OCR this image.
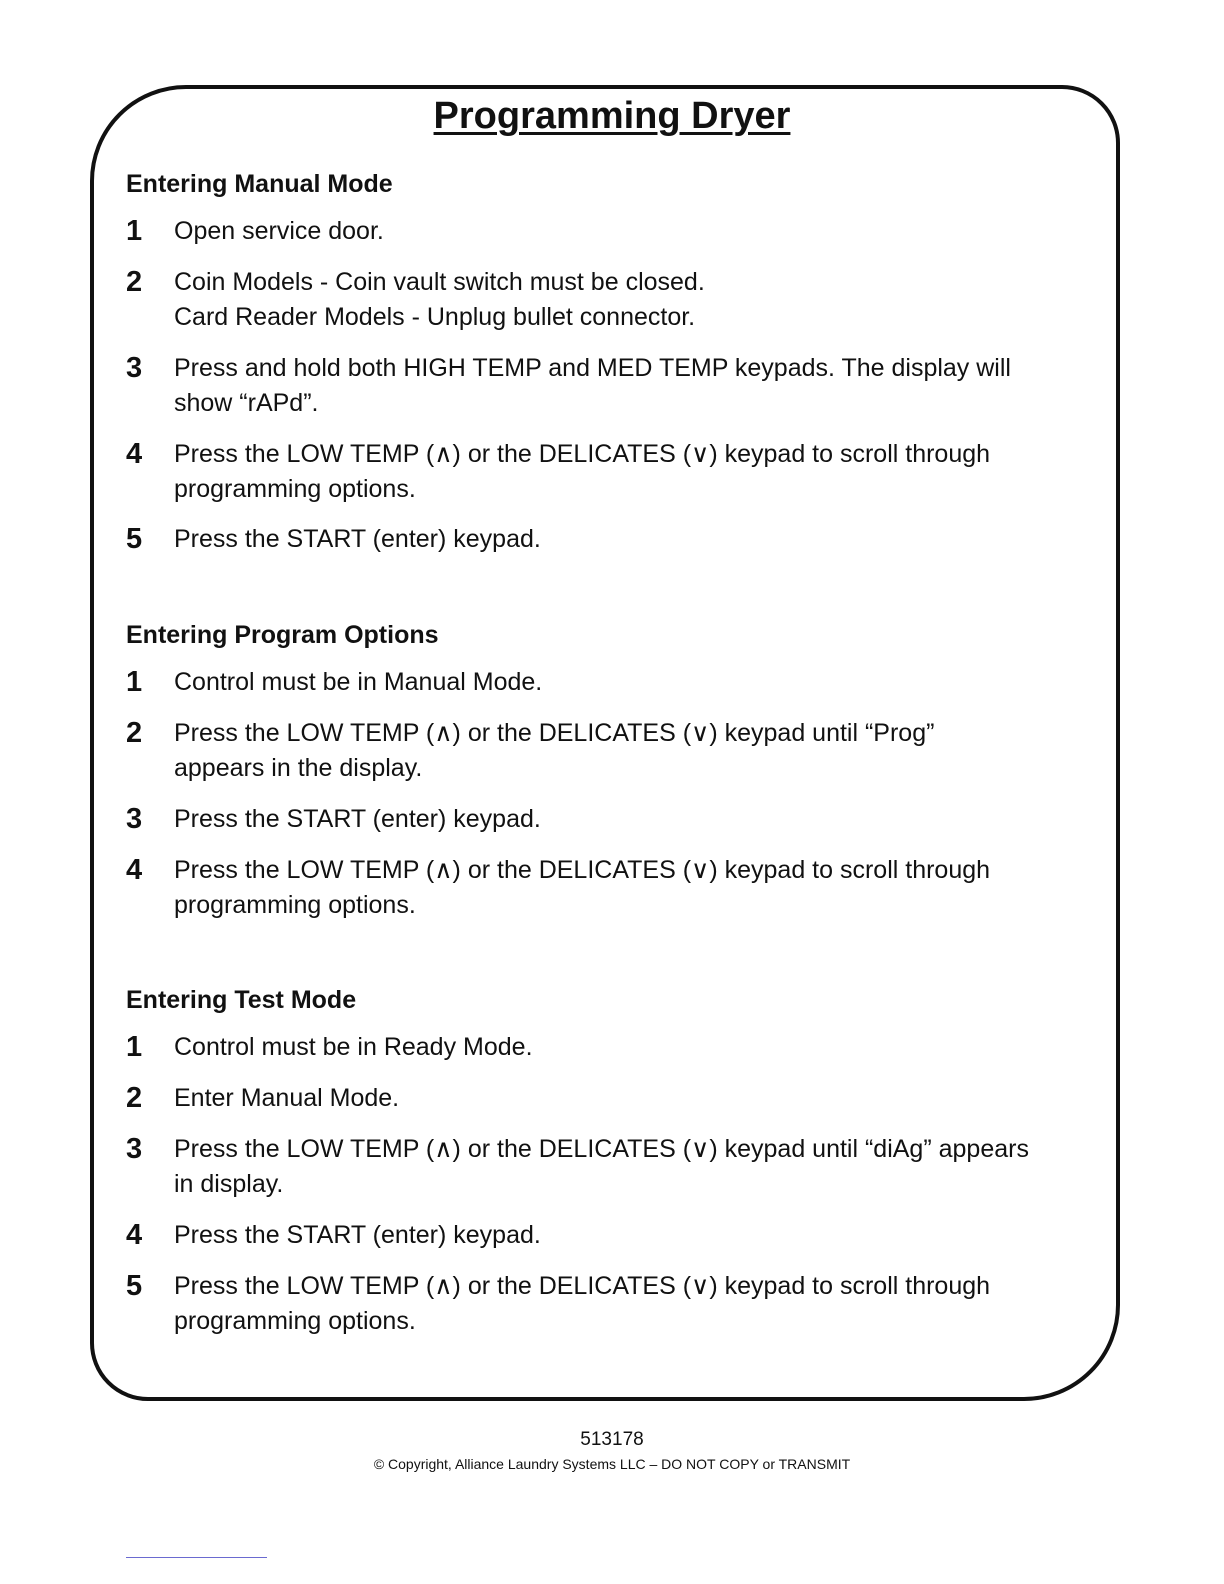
Programming Dryer
Entering Manual Mode
1 Open service door.
2 Coin Models - Coin vault switch must be closed.
Card Reader Models - Unplug bullet connector.
3 Press and hold both HIGH TEMP and MED TEMP keypads. The display will
show “rAPd”.
4 Press the LOW TEMP (∧) or the DELICATES (∨) keypad to scroll through
programming options.
5 Press the START (enter) keypad.
Entering Program Options
1 Control must be in Manual Mode.
2 Press the LOW TEMP (∧) or the DELICATES (∨) keypad until “Prog”
appears in the display.
3 Press the START (enter) keypad.
4 Press the LOW TEMP (∧) or the DELICATES (∨) keypad to scroll through
programming options.
Entering Test Mode
1 Control must be in Ready Mode.
2 Enter Manual Mode.
3 Press the LOW TEMP (∧) or the DELICATES (∨) keypad until “diAg” appears
in display.
4 Press the START (enter) keypad.
5 Press the LOW TEMP (∧) or the DELICATES (∨) keypad to scroll through
programming options.
513178
© Copyright, Alliance Laundry Systems LLC – DO NOT COPY or TRANSMIT
